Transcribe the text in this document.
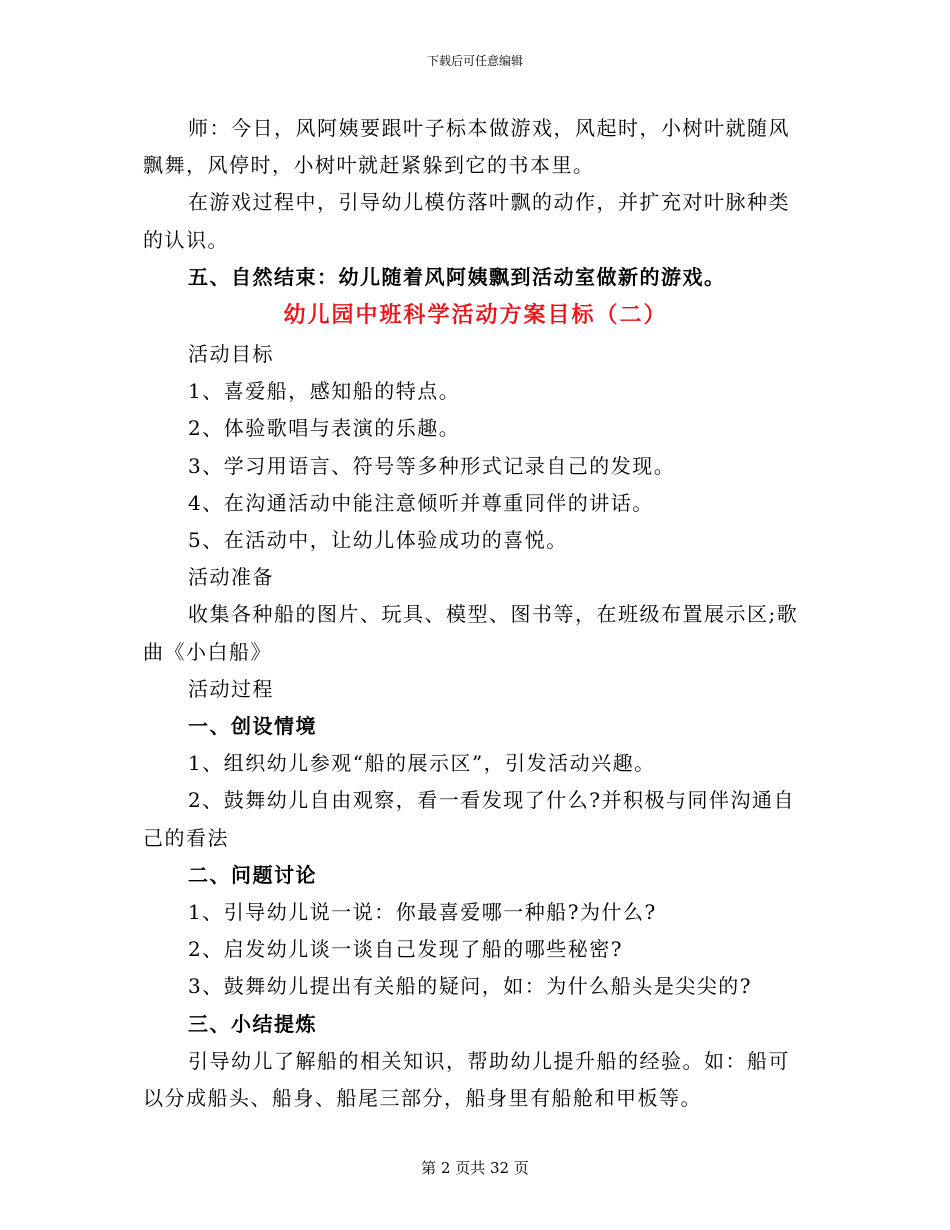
下载后可任意编辑

师：今日，风阿姨要跟叶子标本做游戏，风起时，小树叶就随风飘舞，风停时，小树叶就赶紧躲到它的书本里。

在游戏过程中，引导幼儿模仿落叶飘的动作，并扩充对叶脉种类的认识。

五、自然结束：幼儿随着风阿姨飘到活动室做新的游戏。

幼儿园中班科学活动方案目标（二）

活动目标

1、喜爱船，感知船的特点。

2、体验歌唱与表演的乐趣。

3、学习用语言、符号等多种形式记录自己的发现。

4、在沟通活动中能注意倾听并尊重同伴的讲话。

5、在活动中，让幼儿体验成功的喜悦。

活动准备

收集各种船的图片、玩具、模型、图书等，在班级布置展示区;歌曲《小白船》

活动过程

一、创设情境

1、组织幼儿参观“船的展示区”，引发活动兴趣。

2、鼓舞幼儿自由观察，看一看发现了什么?并积极与同伴沟通自己的看法

二、问题讨论

1、引导幼儿说一说：你最喜爱哪一种船?为什么?

2、启发幼儿谈一谈自己发现了船的哪些秘密?

3、鼓舞幼儿提出有关船的疑问，如：为什么船头是尖尖的?

三、小结提炼

引导幼儿了解船的相关知识，帮助幼儿提升船的经验。如：船可以分成船头、船身、船尾三部分，船身里有船舱和甲板等。

第 2 页共 32 页
